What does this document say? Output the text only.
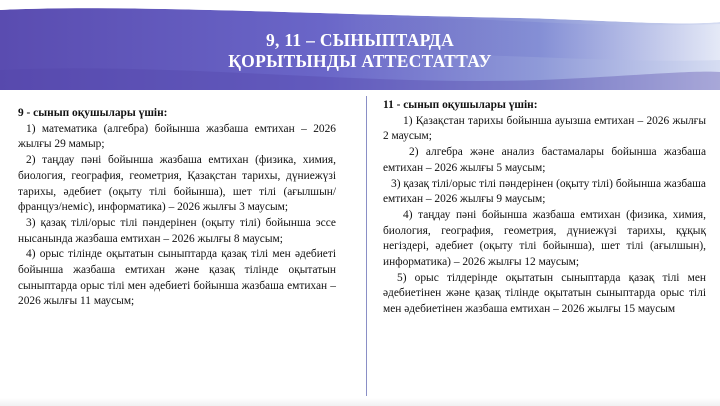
9, 11 – СЫНЫПТАРДА
ҚОРЫТЫНДЫ АТТЕСТАТТАУ
9 - сынып оқушылары үшін:
1) математика (алгебра) бойынша жазбаша емтихан – 2026 жылғы 29 мамыр;
2) таңдау пәні бойынша жазбаша емтихан (физика, химия, биология, география, геометрия, Қазақстан тарихы, дүниежүзі тарихы, әдебиет (оқыту тілі бойынша), шет тілі (ағылшын/француз/неміс), информатика) – 2026 жылғы 3 маусым;
3) қазақ тілі/орыс тілі пәндерінен (оқыту тілі) бойынша эссе нысанында жазбаша емтихан – 2026 жылғы 8 маусым;
4) орыс тілінде оқытатын сыныптарда қазақ тілі мен әдебиеті бойынша жазбаша емтихан және қазақ тілінде оқытатын сыныптарда орыс тілі мен әдебиеті бойынша жазбаша емтихан – 2026 жылғы 11 маусым;
11 - сынып оқушылары үшін:
1) Қазақстан тарихы бойынша ауызша емтихан – 2026 жылғы 2 маусым;
2) алгебра және анализ бастамалары бойынша жазбаша емтихан – 2026 жылғы 5 маусым;
3) қазақ тілі/орыс тілі пәндерінен (оқыту тілі) бойынша жазбаша емтихан – 2026 жылғы 9 маусым;
4) таңдау пәні бойынша жазбаша емтихан (физика, химия, биология, география, геометрия, дүниежүзі тарихы, құқық негіздері, әдебиет (оқыту тілі бойынша), шет тілі (ағылшын), информатика) – 2026 жылғы 12 маусым;
5) орыс тілдерінде оқытатын сыныптарда қазақ тілі мен әдебиетінен және қазақ тілінде оқытатын сыныптарда орыс тілі мен әдебиетінен жазбаша емтихан – 2026 жылғы 15 маусым
